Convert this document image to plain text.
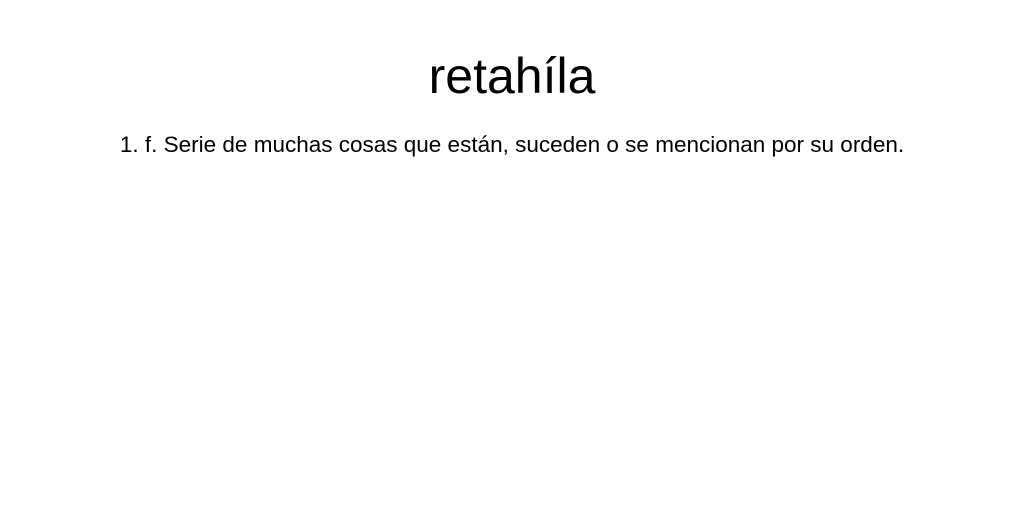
retahíla

1. f. Serie de muchas cosas que están, suceden o se mencionan por su orden.
